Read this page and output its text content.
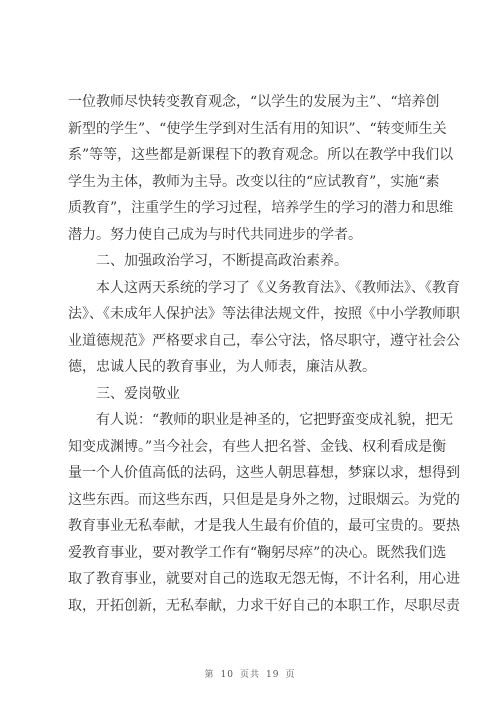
一位教师尽快转变教育观念，“以学生的发展为主”、“培养创
新型的学生”、“使学生学到对生活有用的知识”、“转变师生关
系”等等，这些都是新课程下的教育观念。所以在教学中我们以
学生为主体，教师为主导。改变以往的“应试教育”，实施“素
质教育”，注重学生的学习过程，培养学生的学习的潜力和思维
潜力。努力使自己成为与时代共同进步的学者。
二、加强政治学习，不断提高政治素养。
本人这两天系统的学习了《义务教育法》、《教师法》、《教育
法》、《未成年人保护法》等法律法规文件，按照《中小学教师职
业道德规范》严格要求自己，奉公守法，恪尽职守，遵守社会公
德，忠诚人民的教育事业，为人师表，廉洁从教。
三、爱岗敬业
有人说：“教师的职业是神圣的，它把野蛮变成礼貌，把无
知变成渊博。”当今社会，有些人把名誉、金钱、权利看成是衡
量一个人价值高低的法码，这些人朝思暮想，梦寐以求，想得到
这些东西。而这些东西，只但是是身外之物，过眼烟云。为党的
教育事业无私奉献，才是我人生最有价值的，最可宝贵的。要热
爱教育事业，要对教学工作有“鞠躬尽瘁”的决心。既然我们选
取了教育事业，就要对自己的选取无怨无悔，不计名利，用心进
取，开拓创新，无私奉献，力求干好自己的本职工作，尽职尽责
第 10 页共 19 页
